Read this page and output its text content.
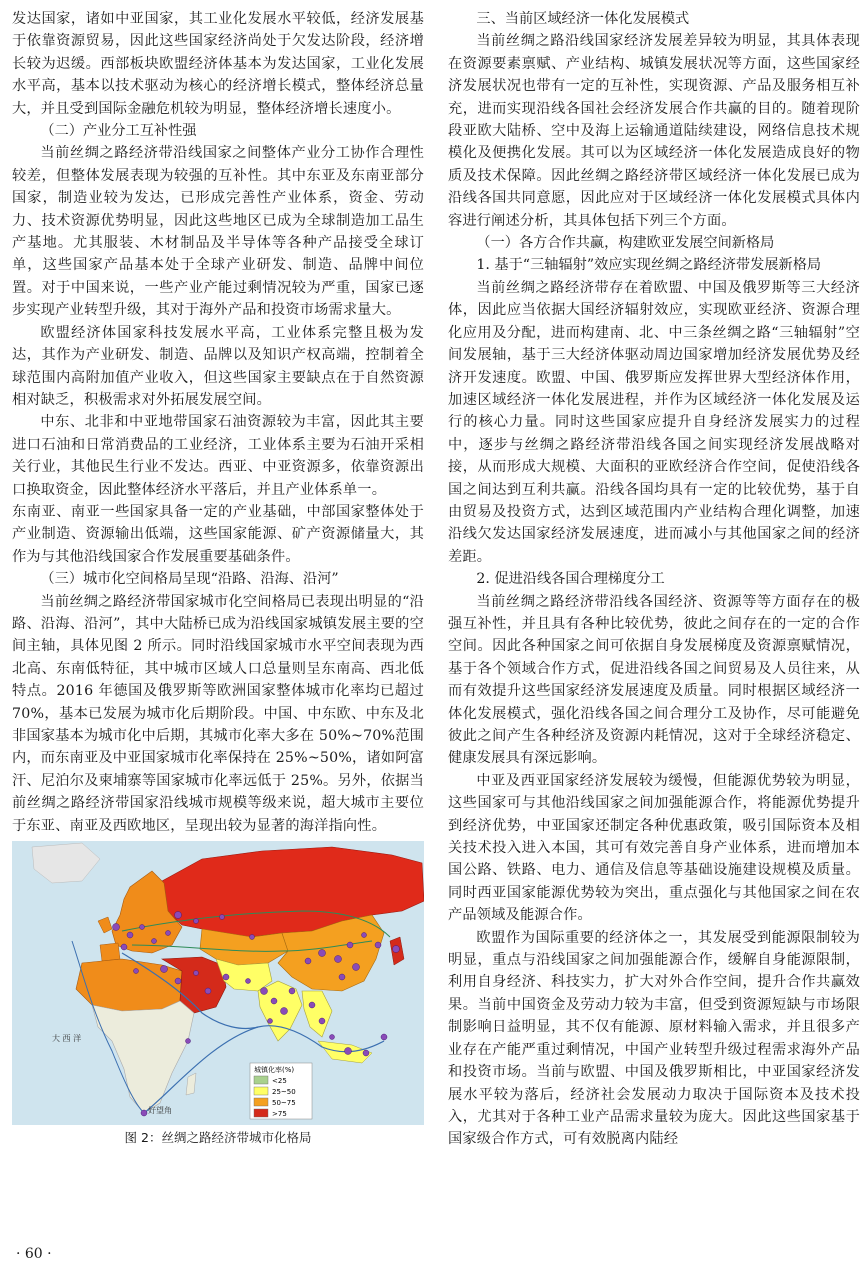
发达国家，诸如中亚国家，其工业化发展水平较低，经济发展基于依靠资源贸易，因此这些国家经济尚处于欠发达阶段，经济增长较为迟缓。西部板块欧盟经济体基本为发达国家，工业化发展水平高，基本以技术驱动为核心的经济增长模式，整体经济总量大，并且受到国际金融危机较为明显，整体经济增长速度小。

（二）产业分工互补性强

当前丝绸之路经济带沿线国家之间整体产业分工协作合理性较差，但整体发展表现为较强的互补性。其中东亚及东南亚部分国家，制造业较为发达，已形成完善性产业体系，资金、劳动力、技术资源优势明显，因此这些地区已成为全球制造加工品生产基地。尤其服装、木材制品及半导体等各种产品接受全球订单，这些国家产品基本处于全球产业研发、制造、品牌中间位置。对于中国来说，一些产业产能过剩情况较为严重，国家已逐步实现产业转型升级，其对于海外产品和投资市场需求量大。

欧盟经济体国家科技发展水平高，工业体系完整且极为发达，其作为产业研发、制造、品牌以及知识产权高端，控制着全球范围内高附加值产业收入，但这些国家主要缺点在于自然资源相对缺乏，积极需求对外拓展发展空间。

中东、北非和中亚地带国家石油资源较为丰富，因此其主要进口石油和日常消费品的工业经济，工业体系主要为石油开采相关行业，其他民生行业不发达。西亚、中亚资源多，依靠资源出口换取资金，因此整体经济水平落后，并且产业体系单一。

东南亚、南亚一些国家具备一定的产业基础，中部国家整体处于产业制造、资源输出低端，这些国家能源、矿产资源储量大，其作为与其他沿线国家合作发展重要基础条件。

（三）城市化空间格局呈现“沿路、沿海、沿河”

当前丝绸之路经济带国家城市化空间格局已表现出明显的“沿路、沿海、沿河”，其中大陆桥已成为沿线国家城镇发展主要的空间主轴，具体见图 2 所示。同时沿线国家城市水平空间表现为西北高、东南低特征，其中城市区域人口总量则呈东南高、西北低特点。2016 年德国及俄罗斯等欧洲国家整体城市化率均已超过 70%，基本已发展为城市化后期阶段。中国、中东欧、中东及北非国家基本为城市化中后期，其城市化率大多在 50%~70%范围内，而东南亚及中亚国家城市化率保持在 25%~50%，诸如阿富汗、尼泊尔及柬埔寨等国家城市化率远低于 25%。另外，依据当前丝绸之路经济带国家沿线城市规模等级来说，超大城市主要位于东亚、南亚及西欧地区，呈现出较为显著的海洋指向性。

大 西 洋
好望角
城镇化率(%)
<25
25~50
50~75
>75
图 2：丝绸之路经济带城市化格局
三、当前区域经济一体化发展模式

当前丝绸之路沿线国家经济发展差异较为明显，其具体表现在资源要素禀赋、产业结构、城镇发展状况等方面，这些国家经济发展状况也带有一定的互补性，实现资源、产品及服务相互补充，进而实现沿线各国社会经济发展合作共赢的目的。随着现阶段亚欧大陆桥、空中及海上运输通道陆续建设，网络信息技术规模化及便携化发展。其可以为区域经济一体化发展造成良好的物质及技术保障。因此丝绸之路经济带区域经济一体化发展已成为沿线各国共同意愿，因此应对于区域经济一体化发展模式具体内容进行阐述分析，其具体包括下列三个方面。

（一）各方合作共赢，构建欧亚发展空间新格局
1. 基于“三轴辐射”效应实现丝绸之路经济带发展新格局

当前丝绸之路经济带存在着欧盟、中国及俄罗斯等三大经济体，因此应当依据大国经济辐射效应，实现欧亚经济、资源合理化应用及分配，进而构建南、北、中三条丝绸之路“三轴辐射”空间发展轴，基于三大经济体驱动周边国家增加经济发展优势及经济开发速度。欧盟、中国、俄罗斯应发挥世界大型经济体作用，加速区域经济一体化发展进程，并作为区域经济一体化发展及运行的核心力量。同时这些国家应提升自身经济发展实力的过程中，逐步与丝绸之路经济带沿线各国之间实现经济发展战略对接，从而形成大规模、大面积的亚欧经济合作空间，促使沿线各国之间达到互利共赢。沿线各国均具有一定的比较优势，基于自由贸易及投资方式，达到区域范围内产业结构合理化调整，加速沿线欠发达国家经济发展速度，进而减小与其他国家之间的经济差距。

2. 促进沿线各国合理梯度分工

当前丝绸之路经济带沿线各国经济、资源等等方面存在的极强互补性，并且具有各种比较优势，彼此之间存在的一定的合作空间。因此各种国家之间可依据自身发展梯度及资源禀赋情况，基于各个领域合作方式，促进沿线各国之间贸易及人员往来，从而有效提升这些国家经济发展速度及质量。同时根据区域经济一体化发展模式，强化沿线各国之间合理分工及协作，尽可能避免彼此之间产生各种经济及资源内耗情况，这对于全球经济稳定、健康发展具有深远影响。

中亚及西亚国家经济发展较为缓慢，但能源优势较为明显，这些国家可与其他沿线国家之间加强能源合作，将能源优势提升到经济优势，中亚国家还制定各种优惠政策，吸引国际资本及相关技术投入进入本国，其可有效完善自身产业体系，进而增加本国公路、铁路、电力、通信及信息等基础设施建设规模及质量。同时西亚国家能源优势较为突出，重点强化与其他国家之间在农产品领域及能源合作。

欧盟作为国际重要的经济体之一，其发展受到能源限制较为明显，重点与沿线国家之间加强能源合作，缓解自身能源限制，利用自身经济、科技实力，扩大对外合作空间，提升合作共赢效果。当前中国资金及劳动力较为丰富，但受到资源短缺与市场限制影响日益明显，其不仅有能源、原材料输入需求，并且很多产业存在产能严重过剩情况，中国产业转型升级过程需求海外产品和投资市场。当前与欧盟、中国及俄罗斯相比，中亚国家经济发展水平较为落后，经济社会发展动力取决于国际资本及技术投入，尤其对于各种工业产品需求量较为庞大。因此这些国家基于国家级合作方式，可有效脱离内陆经

· 60 ·
